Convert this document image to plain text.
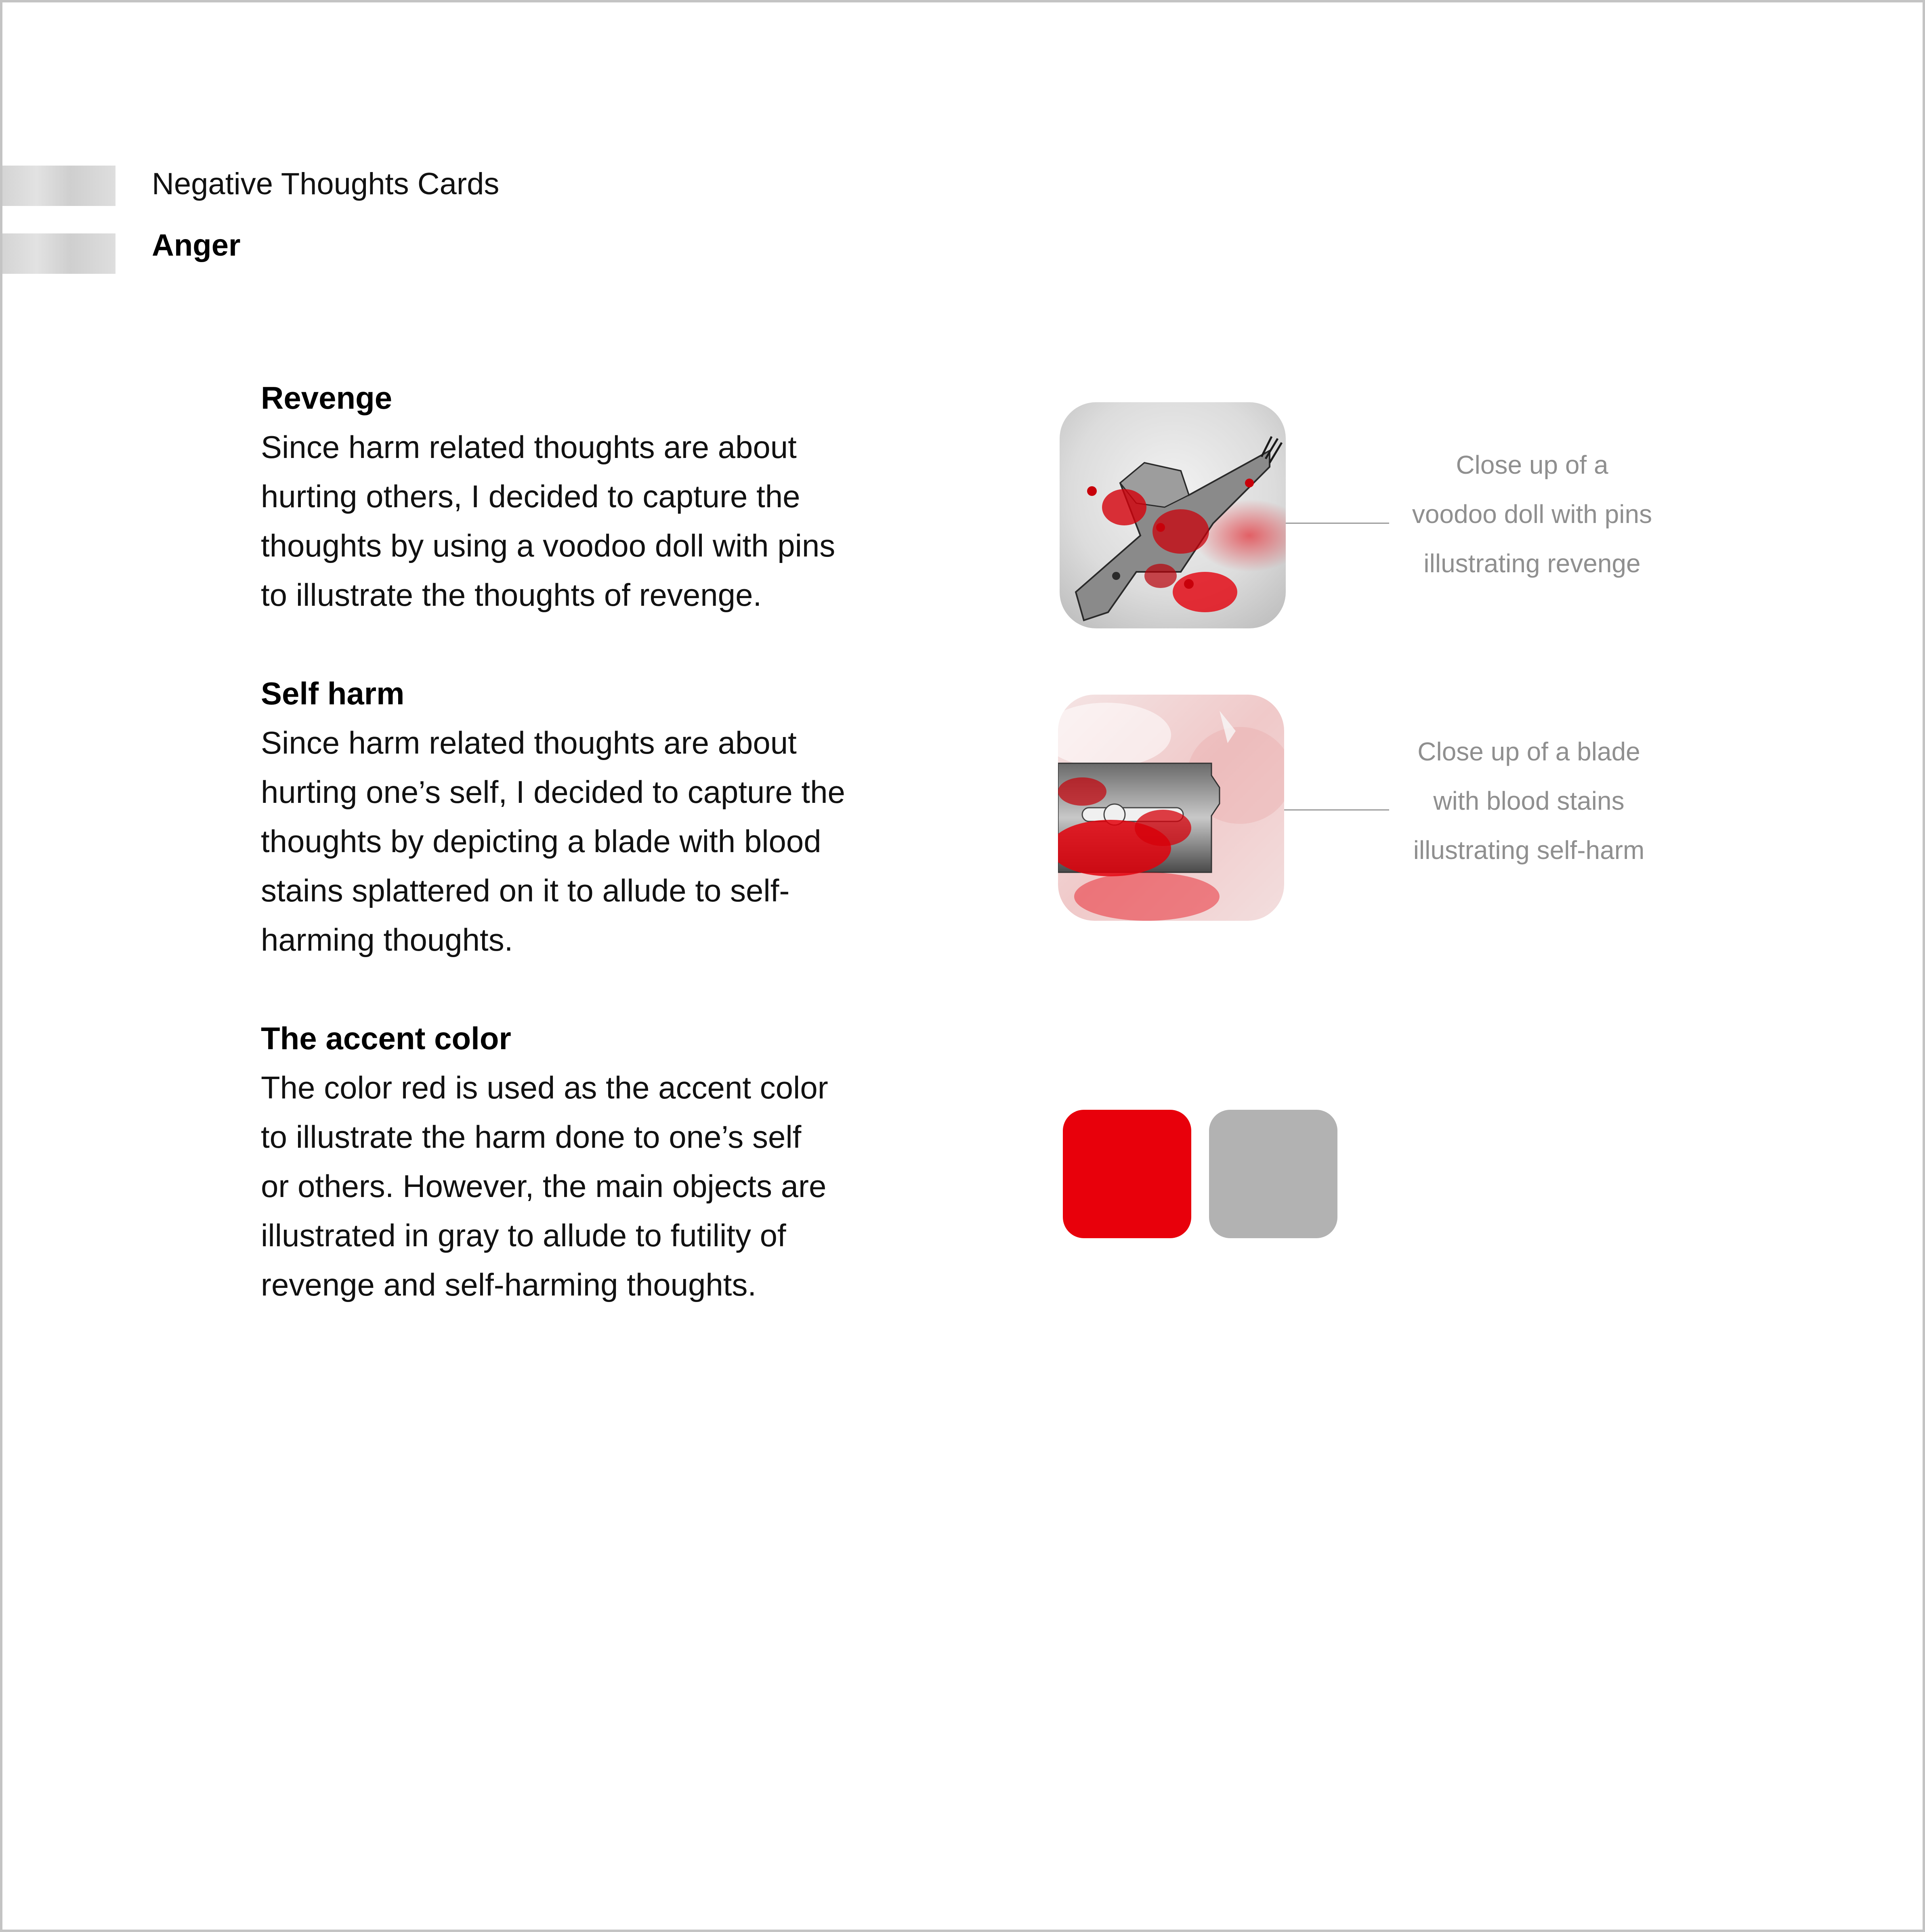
Negative Thoughts Cards
Anger
Revenge

Since harm related thoughts are about
hurting others, I decided to capture the
thoughts by using a voodoo doll with pins
to illustrate the thoughts of revenge.

Self harm

Since harm related thoughts are about
hurting one’s self, I decided to capture the
thoughts by depicting a blade with blood
stains splattered on it to allude to self-
harming thoughts.

The accent color

The color red is used as the accent color
to illustrate the harm done to one’s self
or others. However, the main objects are
illustrated in gray to allude to futility of
revenge and self-harming thoughts.

Close up of a
voodoo doll with pins
illustrating revenge
Close up of a blade
with blood stains
illustrating self-harm
